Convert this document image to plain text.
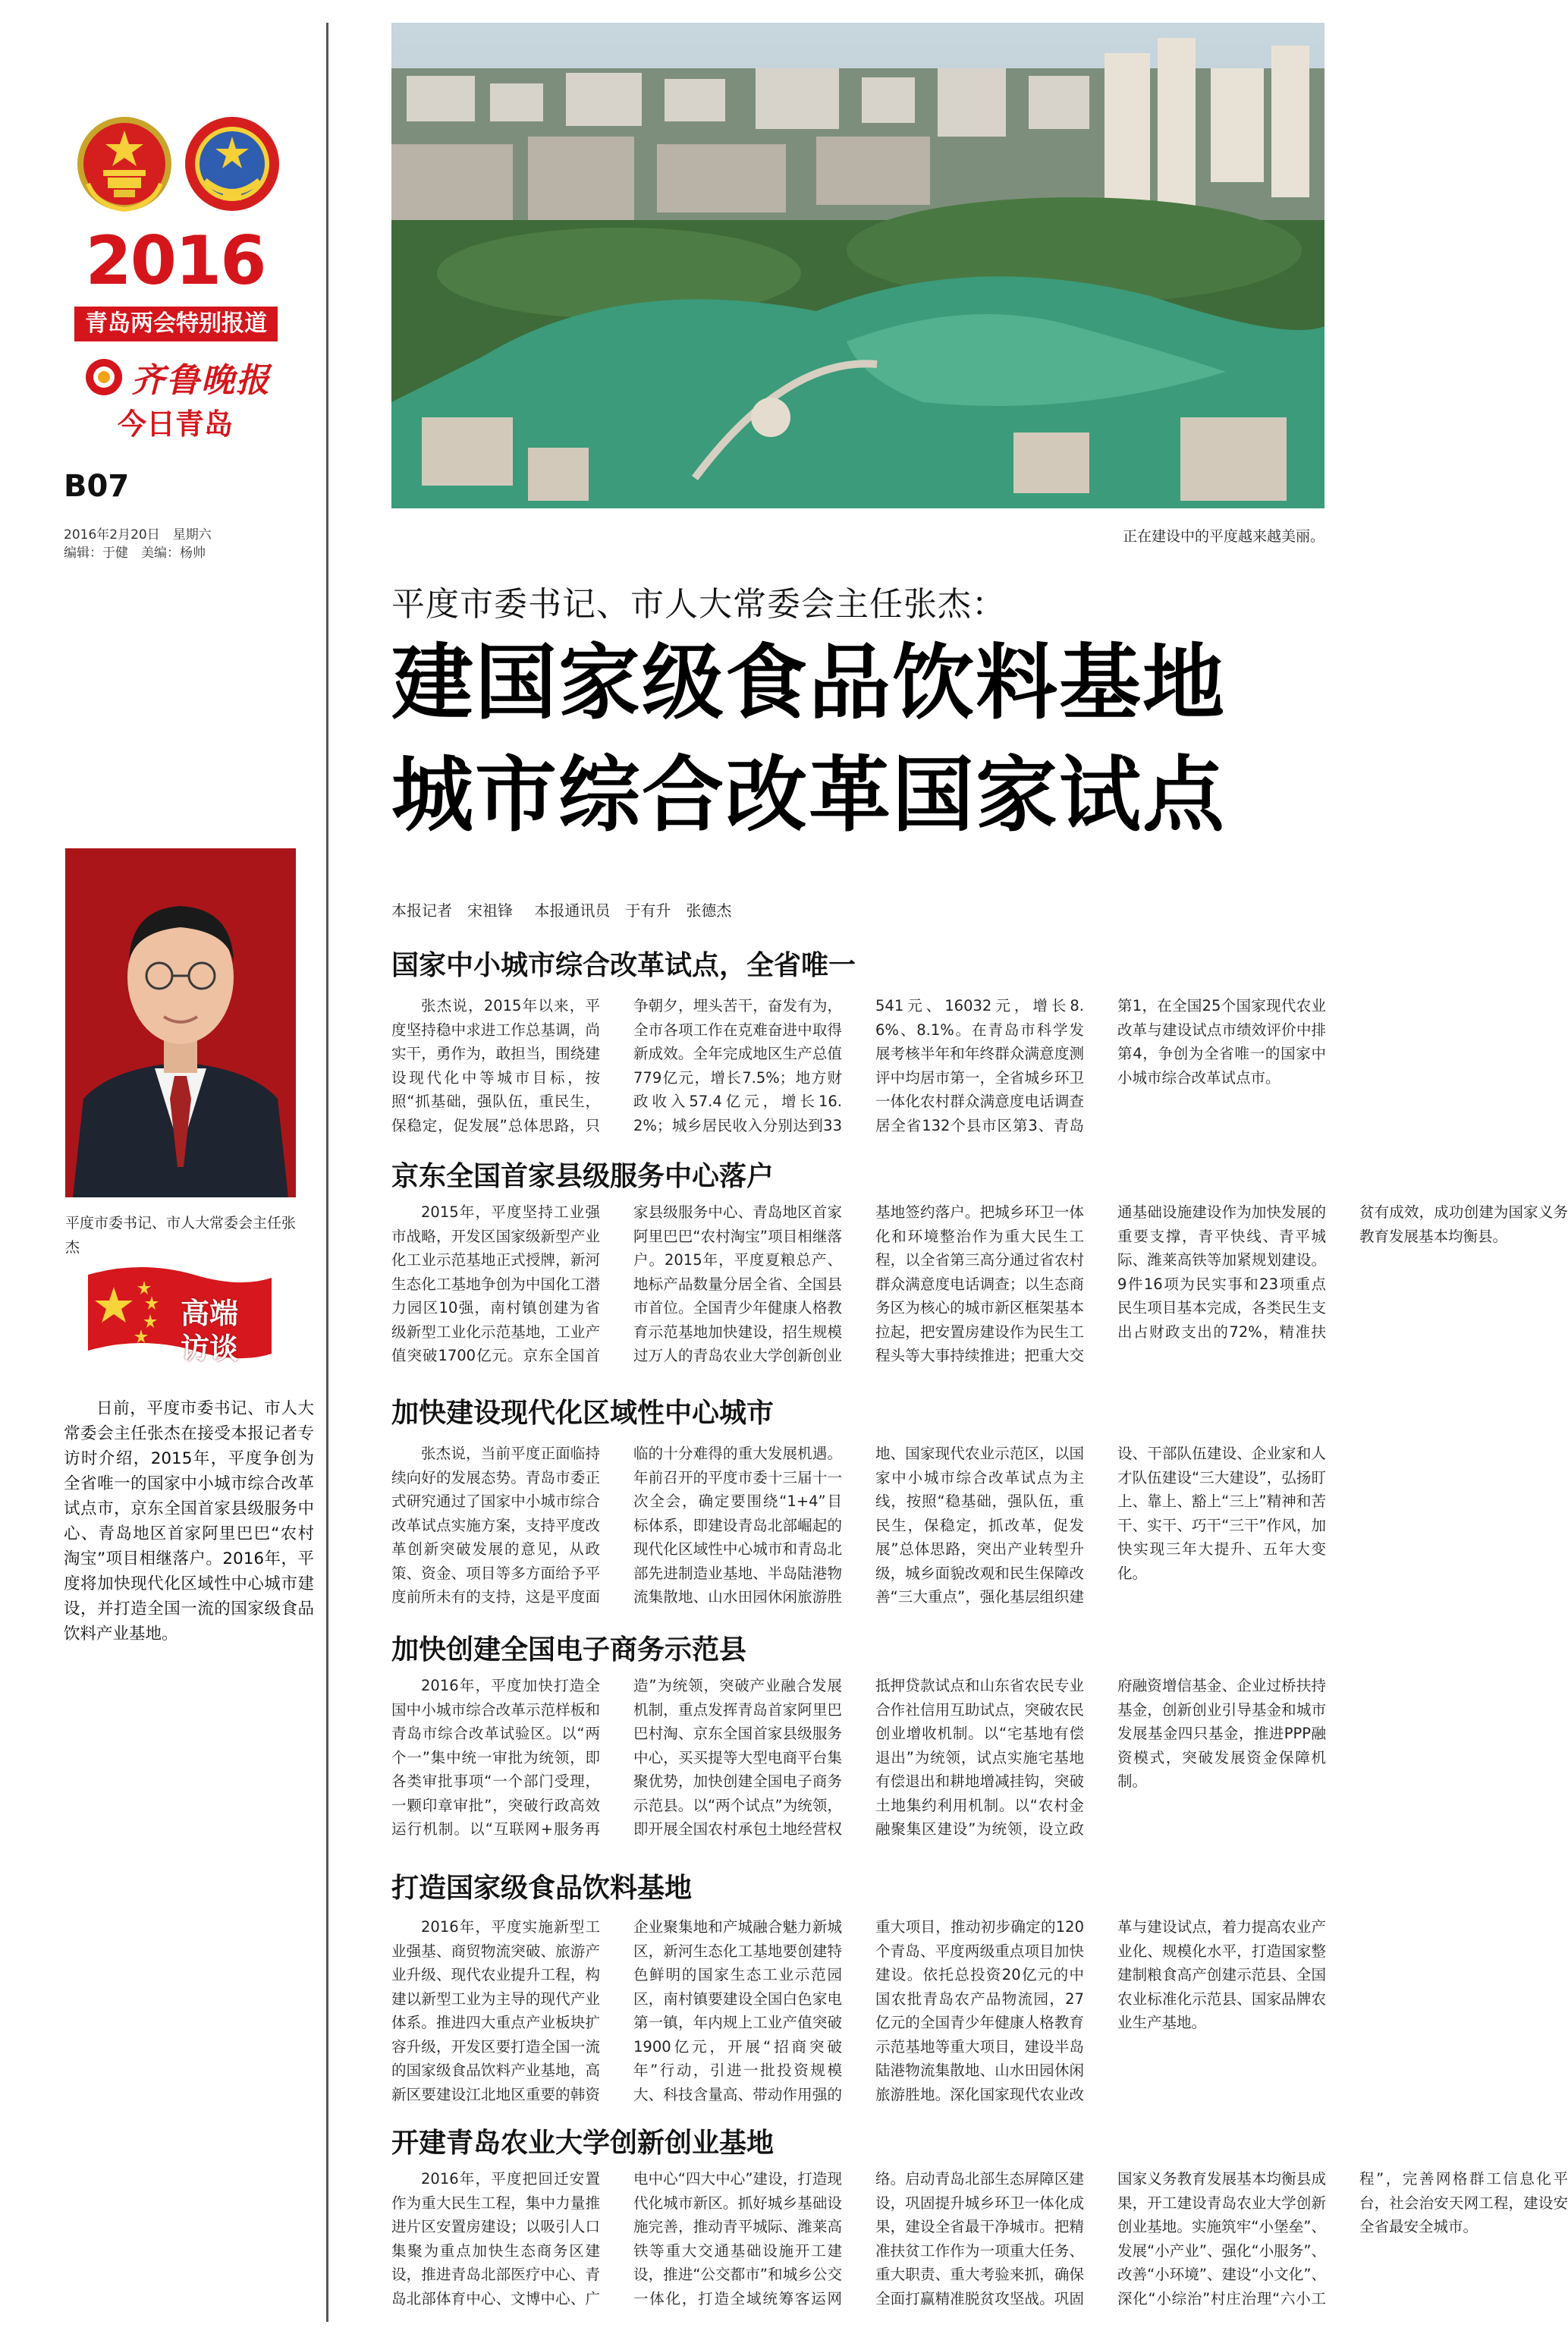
2016
青岛两会特别报道
齐鲁晚报
今日青岛
B07
2016年2月20日　星期六
编辑：于健　美编：杨帅
平度市委书记、市人大常委会主任张杰
高端
访谈
日前，平度市委书记、市人大常委会主任张杰在接受本报记者专访时介绍，2015年，平度争创为全省唯一的国家中小城市综合改革试点市，京东全国首家县级服务中心、青岛地区首家阿里巴巴“农村淘宝”项目相继落户。2016年，平度将加快现代化区域性中心城市建设，并打造全国一流的国家级食品饮料产业基地。
正在建设中的平度越来越美丽。
平度市委书记、市人大常委会主任张杰：
建国家级食品饮料基地
城市综合改革国家试点
本报记者　宋祖锋 本报通讯员　于有升　张德杰
国家中小城市综合改革试点，全省唯一

张杰说，2015年以来，平度坚持稳中求进工作总基调，尚实干，勇作为，敢担当，围绕建设现代化中等城市目标，按照“抓基础，强队伍，重民生，保稳定，促发展”总体思路，只争朝夕，埋头苦干，奋发有为，全市各项工作在克难奋进中取得新成效。全年完成地区生产总值779亿元，增长7.5%；地方财政收入57.4亿元，增长16.2%；城乡居民收入分别达到33541元、16032元，增长8.6%、8.1%。在青岛市科学发展考核半年和年终群众满意度测评中均居市第一，全省城乡环卫一体化农村群众满意度电话调查居全省132个县市区第3、青岛第1，在全国25个国家现代农业改革与建设试点市绩效评价中排第4，争创为全省唯一的国家中小城市综合改革试点市。

京东全国首家县级服务中心落户

2015年，平度坚持工业强市战略，开发区国家级新型产业化工业示范基地正式授牌，新河生态化工基地争创为中国化工潜力园区10强，南村镇创建为省级新型工业化示范基地，工业产值突破1700亿元。京东全国首家县级服务中心、青岛地区首家阿里巴巴“农村淘宝”项目相继落户。2015年，平度夏粮总产、地标产品数量分居全省、全国县市首位。全国青少年健康人格教育示范基地加快建设，招生规模过万人的青岛农业大学创新创业基地签约落户。把城乡环卫一体化和环境整治作为重大民生工程，以全省第三高分通过省农村群众满意度电话调查；以生态商务区为核心的城市新区框架基本拉起，把安置房建设作为民生工程头等大事持续推进；把重大交通基础设施建设作为加快发展的重要支撑，青平快线、青平城际、潍莱高铁等加紧规划建设。9件16项为民实事和23项重点民生项目基本完成，各类民生支出占财政支出的72%，精准扶贫有成效，成功创建为国家义务教育发展基本均衡县。

加快建设现代化区域性中心城市

张杰说，当前平度正面临持续向好的发展态势。青岛市委正式研究通过了国家中小城市综合改革试点实施方案，支持平度改革创新突破发展的意见，从政策、资金、项目等多方面给予平度前所未有的支持，这是平度面临的十分难得的重大发展机遇。年前召开的平度市委十三届十一次全会，确定要围绕“1+4”目标体系，即建设青岛北部崛起的现代化区域性中心城市和青岛北部先进制造业基地、半岛陆港物流集散地、山水田园休闲旅游胜地、国家现代农业示范区，以国家中小城市综合改革试点为主线，按照“稳基础，强队伍，重民生，保稳定，抓改革，促发展”总体思路，突出产业转型升级，城乡面貌改观和民生保障改善“三大重点”，强化基层组织建设、干部队伍建设、企业家和人才队伍建设“三大建设”，弘扬盯上、靠上、豁上“三上”精神和苦干、实干、巧干“三干”作风，加快实现三年大提升、五年大变化。

加快创建全国电子商务示范县

2016年，平度加快打造全国中小城市综合改革示范样板和青岛市综合改革试验区。以“两个一”集中统一审批为统领，即各类审批事项“一个部门受理，一颗印章审批”，突破行政高效运行机制。以“互联网+服务再造”为统领，突破产业融合发展机制，重点发挥青岛首家阿里巴巴村淘、京东全国首家县级服务中心，买买提等大型电商平台集聚优势，加快创建全国电子商务示范县。以“两个试点”为统领，即开展全国农村承包土地经营权抵押贷款试点和山东省农民专业合作社信用互助试点，突破农民创业增收机制。以“宅基地有偿退出”为统领，试点实施宅基地有偿退出和耕地增减挂钩，突破土地集约利用机制。以“农村金融聚集区建设”为统领，设立政府融资增信基金、企业过桥扶持基金，创新创业引导基金和城市发展基金四只基金，推进PPP融资模式，突破发展资金保障机制。

打造国家级食品饮料基地

2016年，平度实施新型工业强基、商贸物流突破、旅游产业升级、现代农业提升工程，构建以新型工业为主导的现代产业体系。推进四大重点产业板块扩容升级，开发区要打造全国一流的国家级食品饮料产业基地，高新区要建设江北地区重要的韩资企业聚集地和产城融合魅力新城区，新河生态化工基地要创建特色鲜明的国家生态工业示范园区，南村镇要建设全国白色家电第一镇，年内规上工业产值突破1900亿元，开展“招商突破年”行动，引进一批投资规模大、科技含量高、带动作用强的重大项目，推动初步确定的120个青岛、平度两级重点项目加快建设。依托总投资20亿元的中国农批青岛农产品物流园，27亿元的全国青少年健康人格教育示范基地等重大项目，建设半岛陆港物流集散地、山水田园休闲旅游胜地。深化国家现代农业改革与建设试点，着力提高农业产业化、规模化水平，打造国家整建制粮食高产创建示范县、全国农业标准化示范县、国家品牌农业生产基地。

开建青岛农业大学创新创业基地

2016年，平度把回迁安置作为重大民生工程，集中力量推进片区安置房建设；以吸引人口集聚为重点加快生态商务区建设，推进青岛北部医疗中心、青岛北部体育中心、文博中心、广电中心“四大中心”建设，打造现代化城市新区。抓好城乡基础设施完善，推动青平城际、潍莱高铁等重大交通基础设施开工建设，推进“公交都市”和城乡公交一体化，打造全域统筹客运网络。启动青岛北部生态屏障区建设，巩固提升城乡环卫一体化成果，建设全省最干净城市。把精准扶贫工作作为一项重大任务、重大职责、重大考验来抓，确保全面打赢精准脱贫攻坚战。巩固国家义务教育发展基本均衡县成果，开工建设青岛农业大学创新创业基地。实施筑牢“小堡垒”、发展“小产业”、强化“小服务”、改善“小环境”、建设“小文化”、深化“小综治”村庄治理“六小工程”，完善网格群工信息化平台，社会治安天网工程，建设安全省最安全城市。
